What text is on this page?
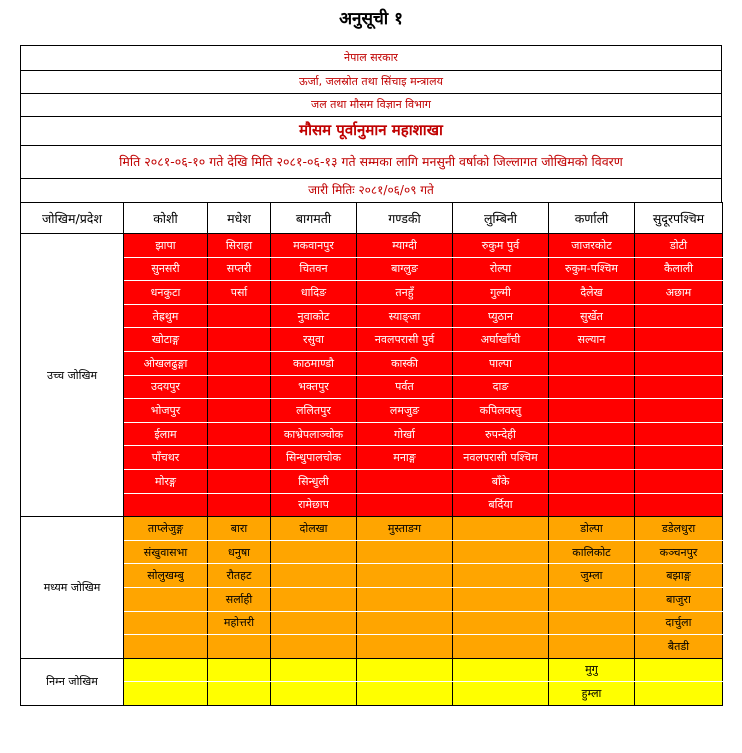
अनुसूची १
नेपाल सरकार
ऊर्जा, जलस्रोत तथा सिंचाइ मन्त्रालय
जल तथा मौसम विज्ञान विभाग
मौसम पूर्वानुमान महाशाखा
मिति २०८१-०६-१० गते देखि मिति २०८१-०६-१३ गते सम्मका लागि मनसुनी वर्षाको जिल्लागत जोखिमको विवरण
जारी मितिः २०८१/०६/०९ गते
जोखिम/प्रदेश	कोशी	मधेश	बागमती	गण्डकी	लुम्बिनी	कर्णाली	सुदूरपश्चिम
उच्च जोखिम	झापा	सिराहा	मकवानपुर	म्याग्दी	रुकुम पुर्व	जाजरकोट	डोटी
	सुनसरी	सप्तरी	चितवन	बाग्लुङ	रोल्पा	रुकुम-पश्चिम	कैलाली
	धनकुटा	पर्सा	धादिङ	तनहुँ	गुल्मी	दैलेख	अछाम
	तेह्रथुम		नुवाकोट	स्याङ्जा	प्युठान	सुर्खेत	
	खोटाङ्ग		रसुवा	नवलपरासी पुर्व	अर्घाखाँची	सल्यान	
	ओखलढुङ्गा		काठमाण्डौ	कास्की	पाल्पा		
	उदयपुर		भक्तपुर	पर्वत	दाङ		
	भोजपुर		ललितपुर	लमजुङ	कपिलवस्तु		
	ईलाम		काभ्रेपलाञ्चोक	गोर्खा	रुपन्देही		
	पाँचथर		सिन्धुपालचोक	मनाङ्ग	नवलपरासी पश्चिम		
	मोरङ्ग		सिन्धुली		बाँके		
			रामेछाप		बर्दिया		
मध्यम जोखिम	ताप्लेजुङ्ग	बारा	दोलखा	मुस्ताङग		डोल्पा	डडेलधुरा
	संखुवासभा	धनुषा				कालिकोट	कञ्चनपुर
	सोलुखम्बु	रौतहट				जुम्ला	बझाङ्ग
		सर्लाही					बाजुरा
		महोत्तरी					दार्चुला
							बैतडी
निम्न जोखिम						मुगु	
						हुम्ला	
